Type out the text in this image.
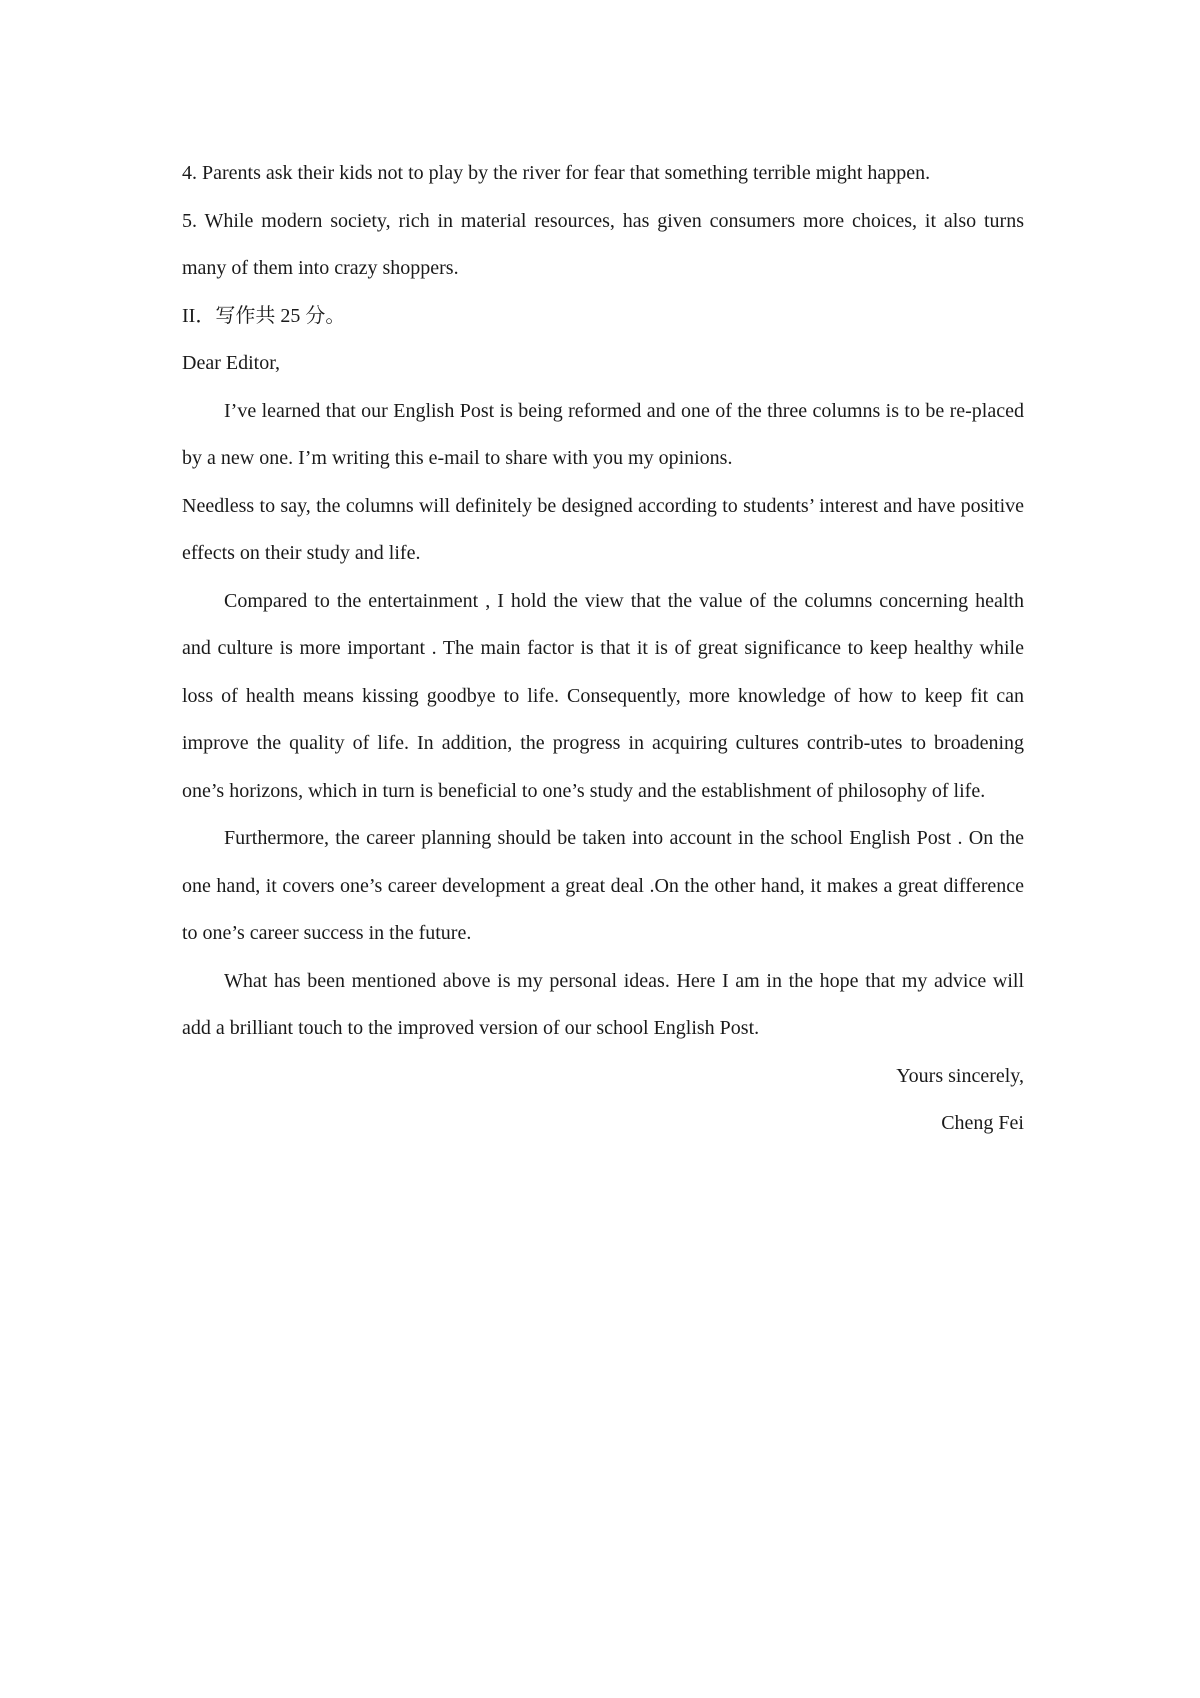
4. Parents ask their kids not to play by the river for fear that something terrible might happen.

5. While modern society, rich in material resources, has given consumers more choices, it also turns many of them into crazy shoppers.

II．写作共 25 分。

Dear Editor,

I’ve learned that our English Post is being reformed and one of the three columns is to be re-placed by a new one. I’m writing this e-mail to share with you my opinions.

Needless to say, the columns will definitely be designed according to students’ interest and have positive effects on their study and life.

Compared to the entertainment , I hold the view that the value of the columns concerning health and culture is more important . The main factor is that it is of great significance to keep healthy while loss of health means kissing goodbye to life. Consequently, more knowledge of how to keep fit can improve the quality of life. In addition, the progress in acquiring cultures contrib-utes to broadening one’s horizons, which in turn is beneficial to one’s study and the establishment of philosophy of life.

Furthermore, the career planning should be taken into account in the school English Post . On the one hand, it covers one’s career development a great deal .On the other hand, it makes a great difference to one’s career success in the future.

What has been mentioned above is my personal ideas. Here I am in the hope that my advice will add a brilliant touch to the improved version of our school English Post.

Yours sincerely,

Cheng Fei
